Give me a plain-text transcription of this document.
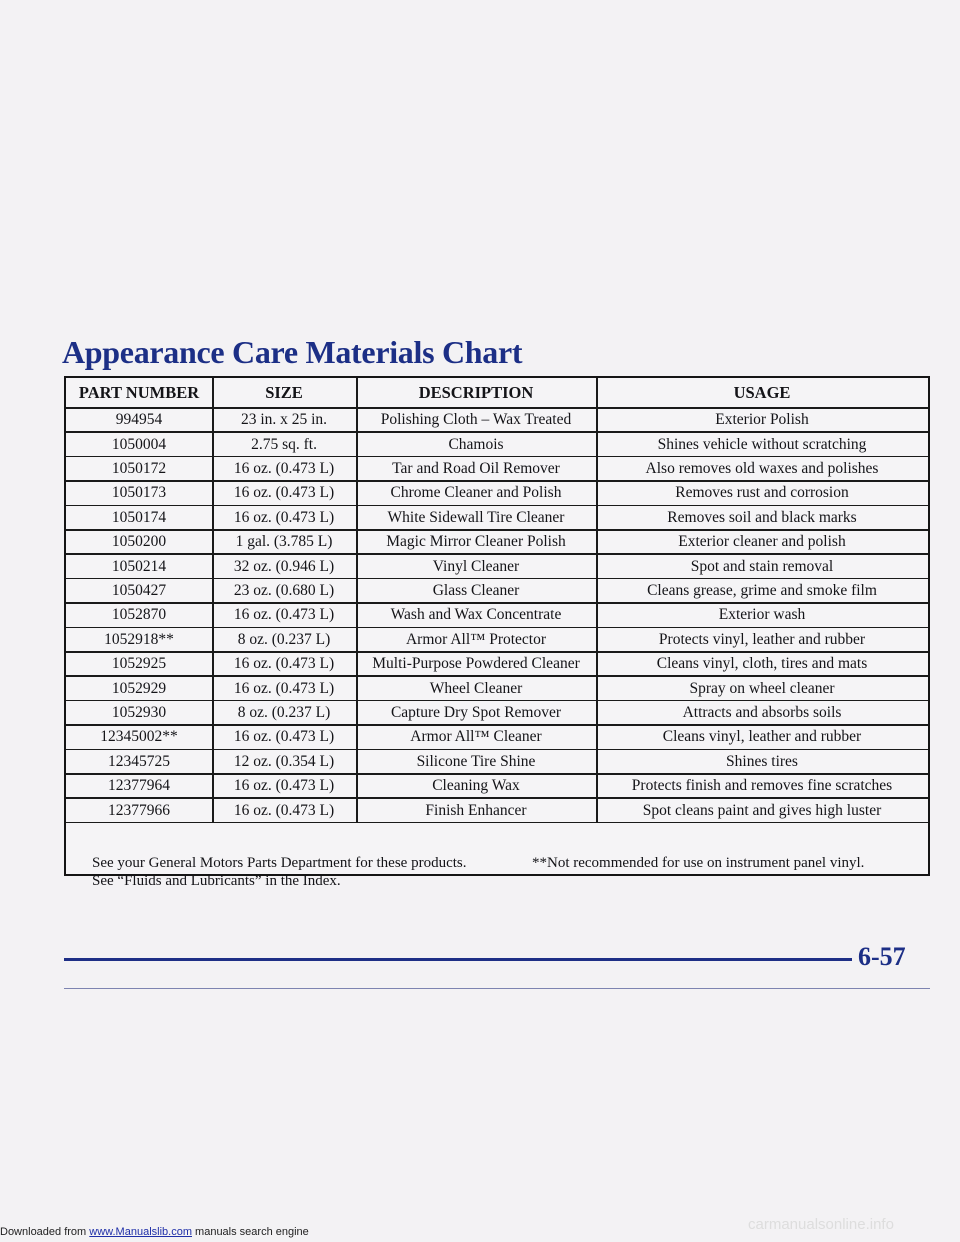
Appearance Care Materials Chart
PART NUMBER	SIZE	DESCRIPTION	USAGE
994954	23 in. x 25 in.	Polishing Cloth – Wax Treated	Exterior Polish
1050004	2.75 sq. ft.	Chamois	Shines vehicle without scratching
1050172	16 oz. (0.473 L)	Tar and Road Oil Remover	Also removes old waxes and polishes
1050173	16 oz. (0.473 L)	Chrome Cleaner and Polish	Removes rust and corrosion
1050174	16 oz. (0.473 L)	White Sidewall Tire Cleaner	Removes soil and black marks
1050200	1 gal. (3.785 L)	Magic Mirror Cleaner Polish	Exterior cleaner and polish
1050214	32 oz. (0.946 L)	Vinyl Cleaner	Spot and stain removal
1050427	23 oz. (0.680 L)	Glass Cleaner	Cleans grease, grime and smoke film
1052870	16 oz. (0.473 L)	Wash and Wax Concentrate	Exterior wash
1052918**	8 oz. (0.237 L)	Armor All™ Protector	Protects vinyl, leather and rubber
1052925	16 oz. (0.473 L)	Multi-Purpose Powdered Cleaner	Cleans vinyl, cloth, tires and mats
1052929	16 oz. (0.473 L)	Wheel Cleaner	Spray on wheel cleaner
1052930	8 oz. (0.237 L)	Capture Dry Spot Remover	Attracts and absorbs soils
12345002**	16 oz. (0.473 L)	Armor All™ Cleaner	Cleans vinyl, leather and rubber
12345725	12 oz. (0.354 L)	Silicone Tire Shine	Shines tires
12377964	16 oz. (0.473 L)	Cleaning Wax	Protects finish and removes fine scratches
12377966	16 oz. (0.473 L)	Finish Enhancer	Spot cleans paint and gives high luster
See your General Motors Parts Department for these products.
See “Fluids and Lubricants” in the Index.
**Not recommended for use on instrument panel vinyl.
6-57
Downloaded from www.Manualslib.com manuals search engine	carmanualsonline.info
